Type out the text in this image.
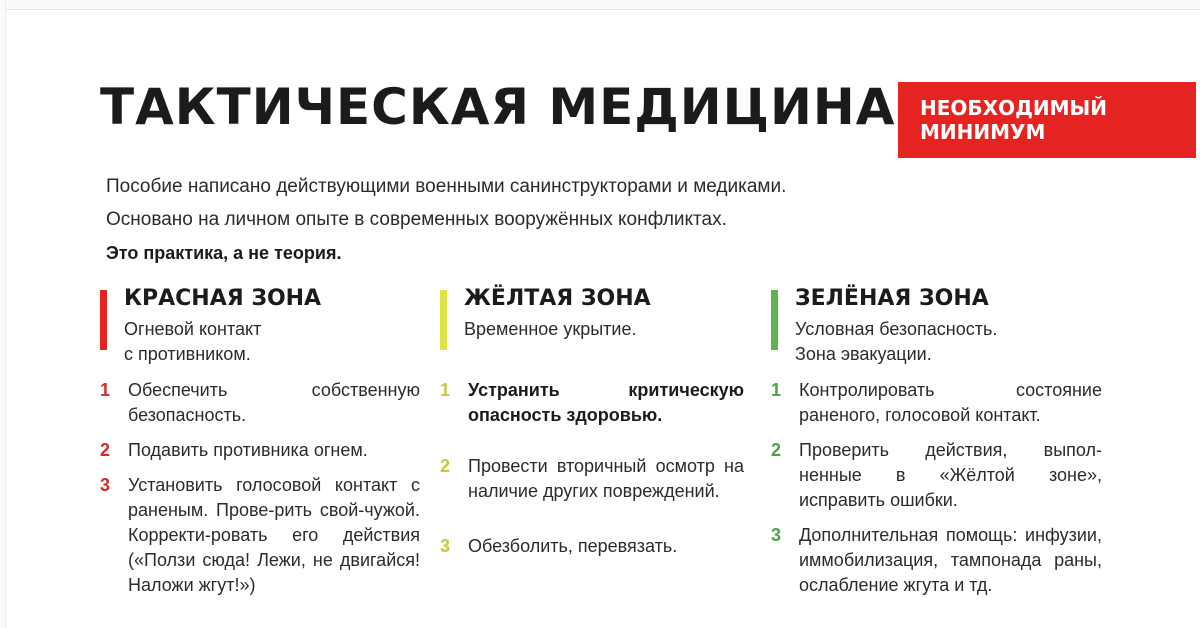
ТАКТИЧЕСКАЯ МЕДИЦИНА НЕОБХОДИМЫЙ
МИНИМУМ

Пособие написано действующими военными санинструкторами и медиками.

Основано на личном опыте в современных вооружённых конфликтах.

Это практика, а не теория.

КРАСНАЯ ЗОНА
Огневой контакт
с противником.
1 Обеспечить собственную безопасность.
2 Подавить противника огнем.
3 Установить голосовой контакт с раненым. Прове-рить свой-чужой. Корректи-ровать его действия («Ползи сюда! Лежи, не двигайся! Наложи жгут!»)
ЖЁЛТАЯ ЗОНА
Временное укрытие.
1 Устранить критическую опасность здоровью.
2 Провести вторичный осмотр на наличие других повреждений.
3 Обезболить, перевязать.
ЗЕЛЁНАЯ ЗОНА
Условная безопасность.
Зона эвакуации.
1 Контролировать состояние раненого, голосовой контакт.
2 Проверить действия, выпол-ненные в «Жёлтой зоне», исправить ошибки.
3 Дополнительная помощь: инфузии, иммобилизация, тампонада раны, ослабление жгута и тд.
